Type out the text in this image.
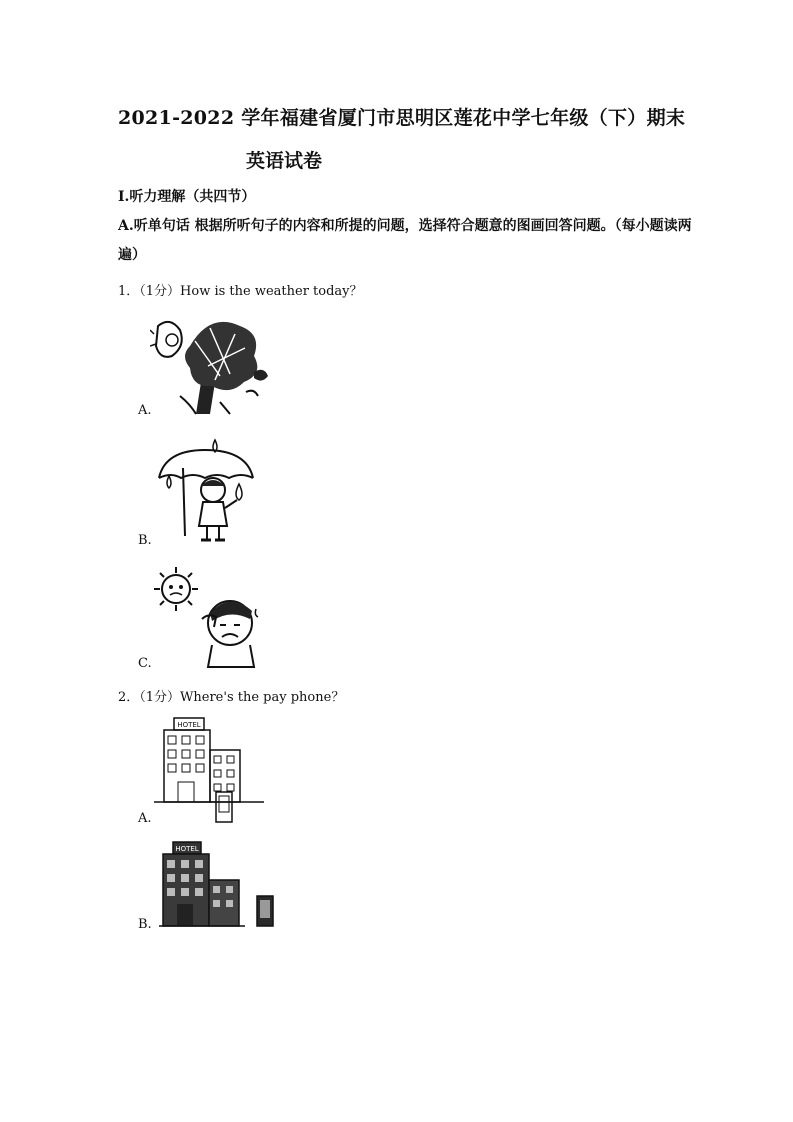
2021-2022 学年福建省厦门市思明区莲花中学七年级（下）期末
英语试卷
Ⅰ.听力理解（共四节）
A.听单句话 根据所听句子的内容和所提的问题，选择符合题意的图画回答问题。（每小题读两遍）
1．（1分）How is the weather today？
A.
B.
C.
2．（1分）Where's the pay phone？
HOTEL
A.
HOTEL
B.
